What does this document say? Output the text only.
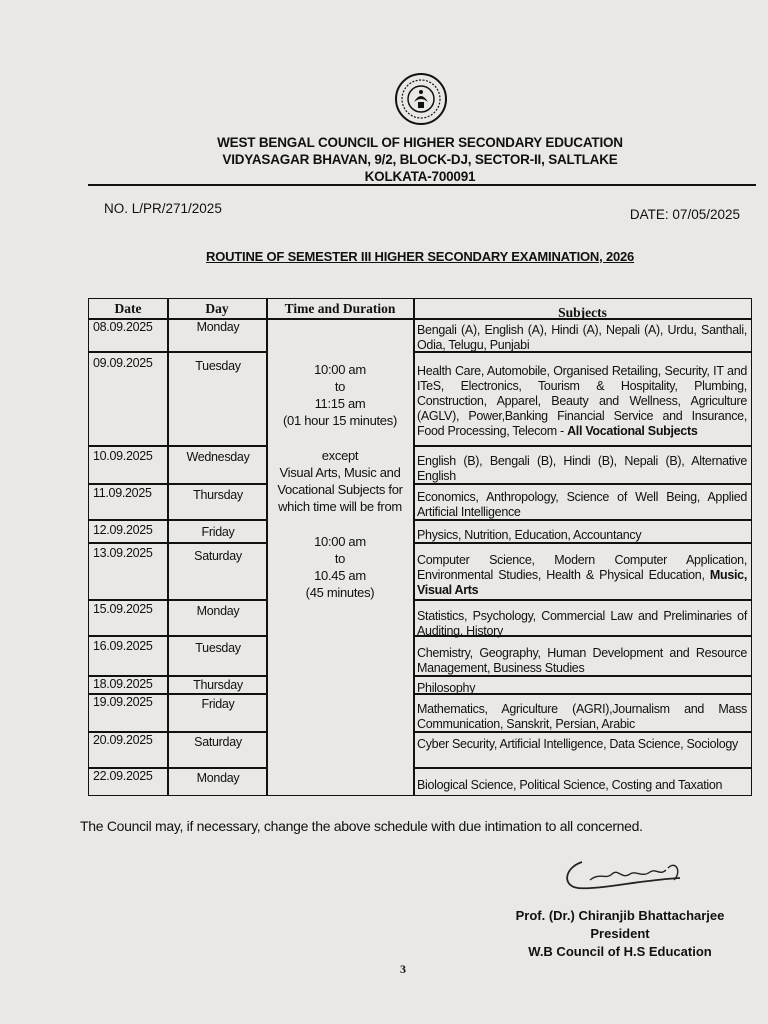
WEST BENGAL COUNCIL OF HIGHER SECONDARY EDUCATION
VIDYASAGAR BHAVAN, 9/2, BLOCK-DJ, SECTOR-II, SALTLAKE
KOLKATA-700091
NO. L/PR/271/2025	DATE: 07/05/2025
ROUTINE OF SEMESTER III HIGHER SECONDARY EXAMINATION, 2026
Date	Day	Time and Duration	Subjects
10:00 am
to
11:15 am
(01 hour 15 minutes)
except
Visual Arts, Music and
Vocational Subjects for
which time will be from
10:00 am
to
10.45 am
(45 minutes)
08.09.2025	Monday	Bengali (A), English (A), Hindi (A), Nepali (A), Urdu, Santhali, Odia, Telugu, Punjabi
09.09.2025	Tuesday	Health Care, Automobile, Organised Retailing, Security, IT and ITeS, Electronics, Tourism & Hospitality, Plumbing, Construction, Apparel, Beauty and Wellness, Agriculture (AGLV), Power,Banking Financial Service and Insurance, Food Processing, Telecom - All Vocational Subjects
10.09.2025	Wednesday	English (B), Bengali (B), Hindi (B), Nepali (B), Alternative English
11.09.2025	Thursday	Economics, Anthropology, Science of Well Being, Applied Artificial Intelligence
12.09.2025	Friday	Physics, Nutrition, Education, Accountancy
13.09.2025	Saturday	Computer Science, Modern Computer Application, Environmental Studies, Health & Physical Education, Music, Visual Arts
15.09.2025	Monday	Statistics, Psychology, Commercial Law and Preliminaries of Auditing, History
16.09.2025	Tuesday	Chemistry, Geography, Human Development and Resource Management, Business Studies
18.09.2025	Thursday	Philosophy
19.09.2025	Friday	Mathematics, Agriculture (AGRI),Journalism and Mass Communication, Sanskrit, Persian, Arabic
20.09.2025	Saturday	Cyber Security, Artificial Intelligence, Data Science, Sociology
22.09.2025	Monday	Biological Science, Political Science, Costing and Taxation
The Council may, if necessary, change the above schedule with due intimation to all concerned.
Prof. (Dr.) Chiranjib Bhattacharjee
President
W.B Council of H.S Education
3
